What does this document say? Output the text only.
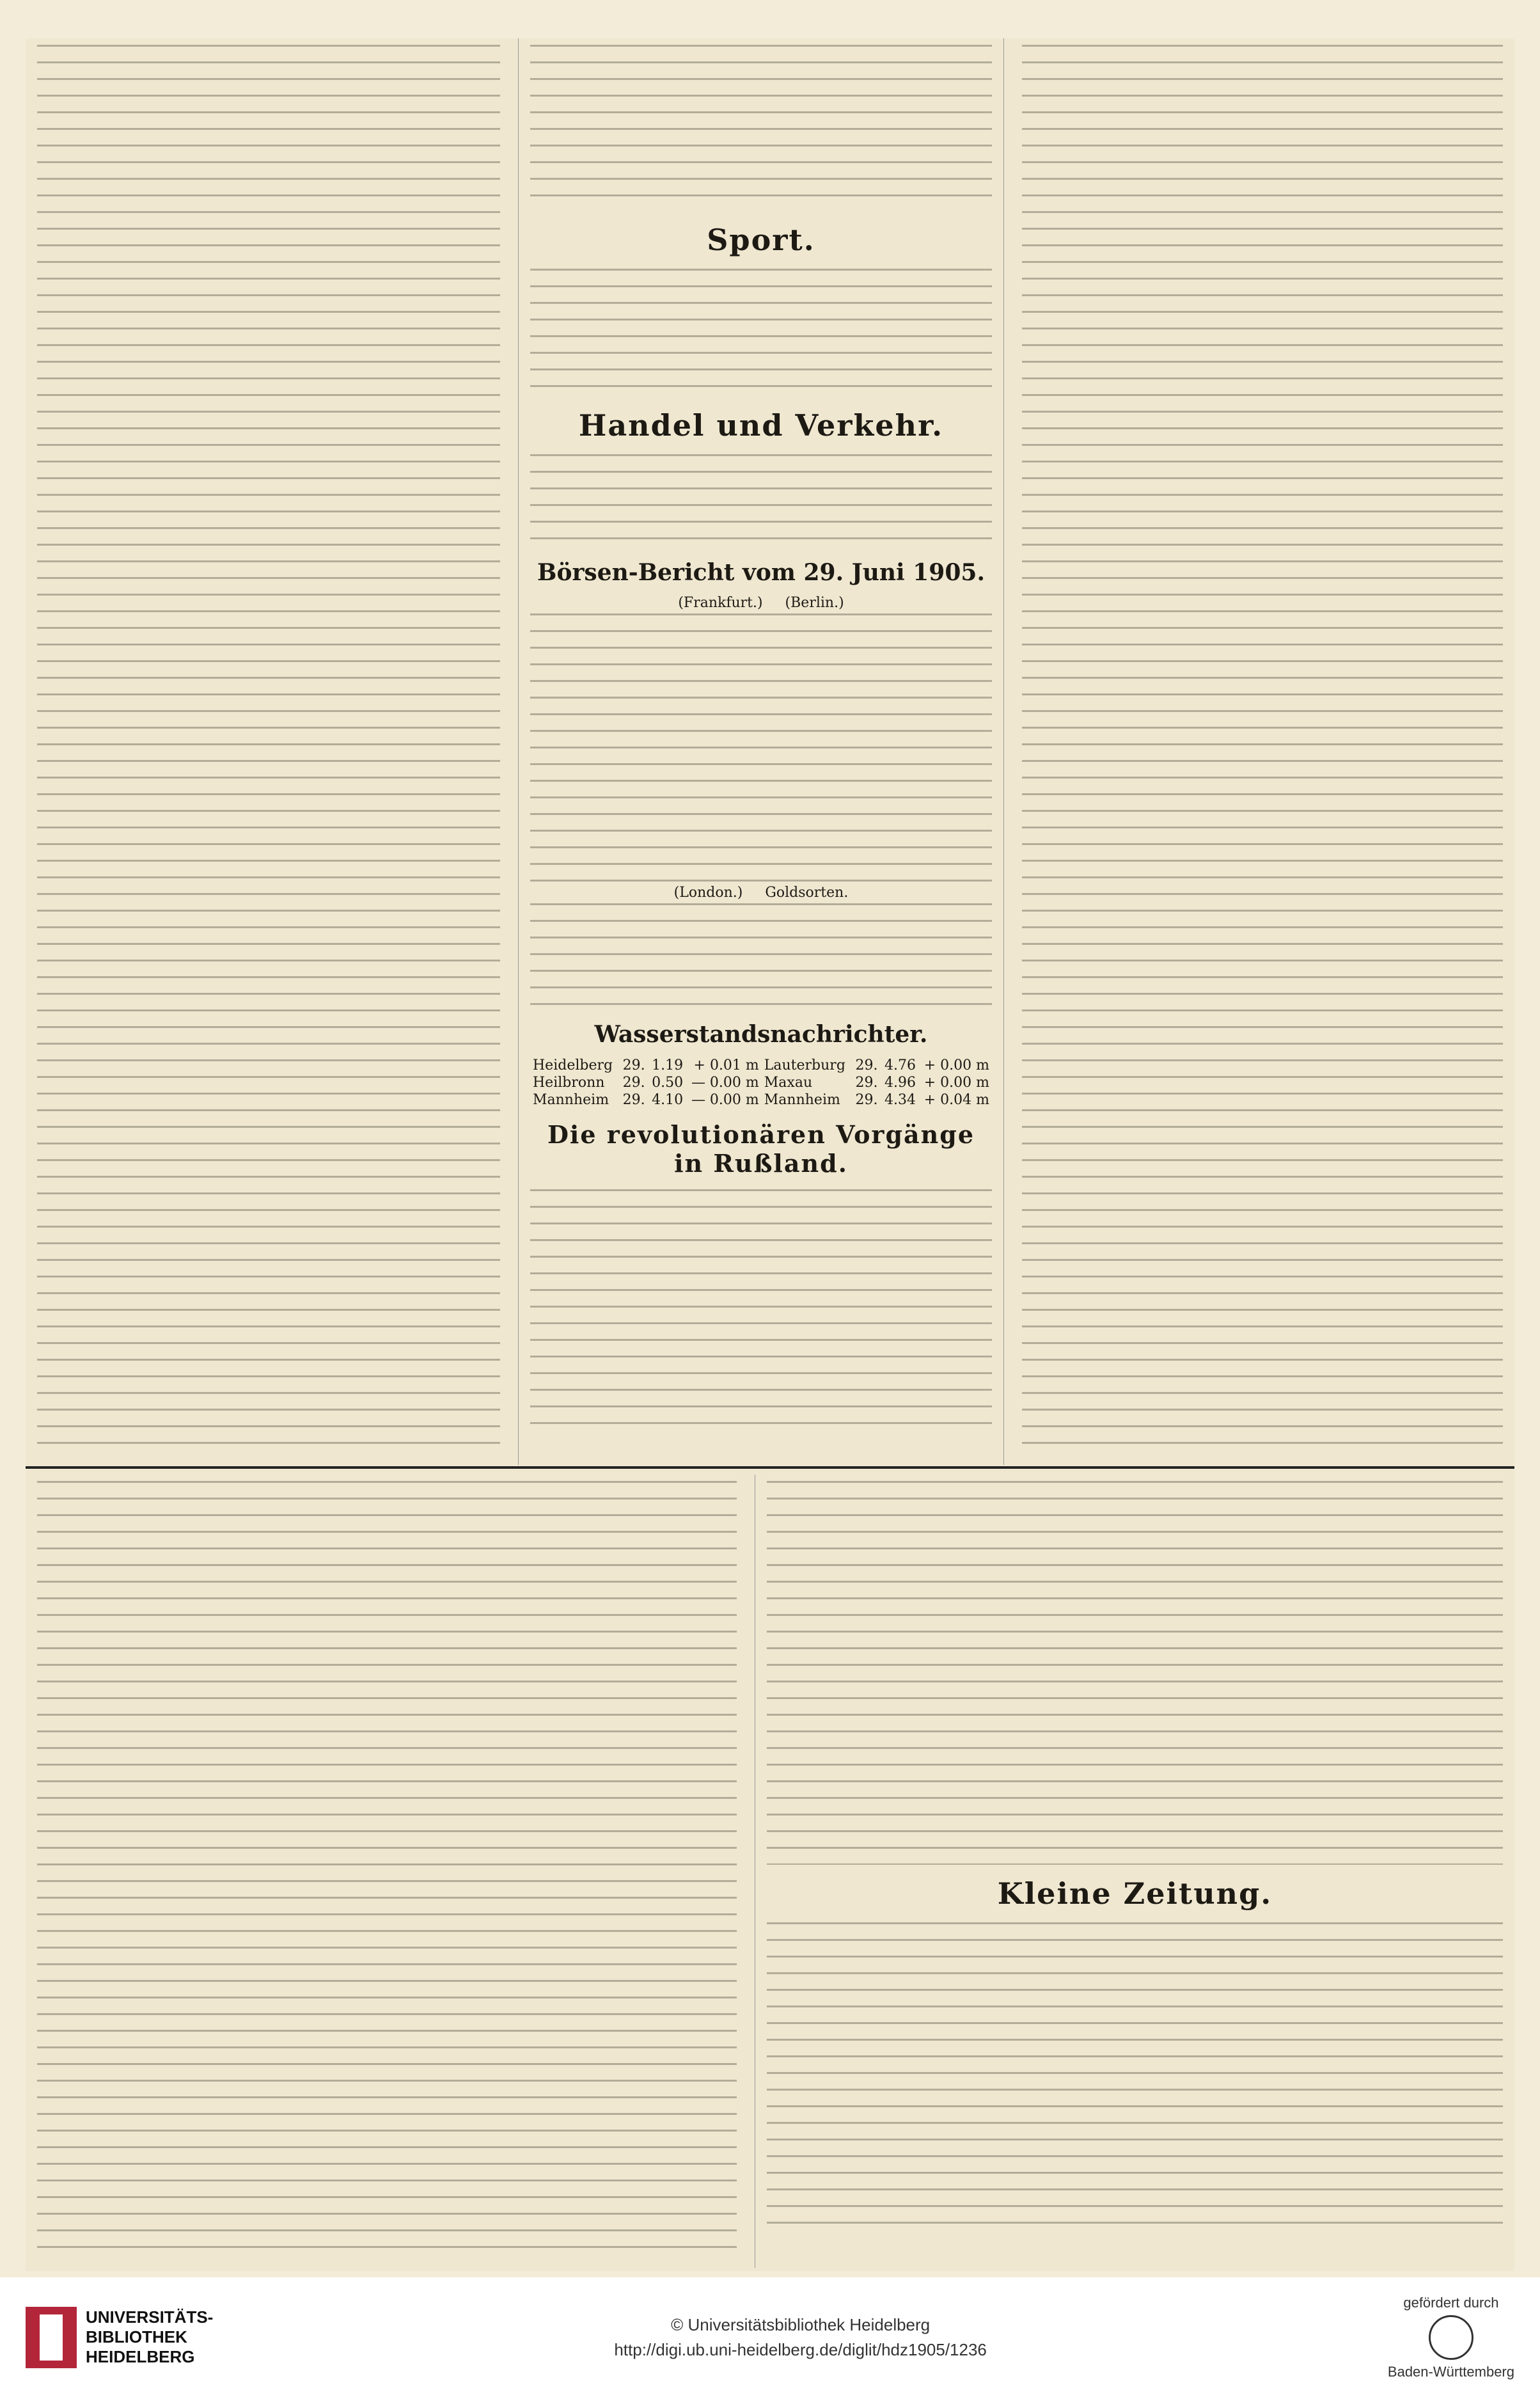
Sport.
Handel und Verkehr.
Börsen-Bericht vom 29. Juni 1905.
(Frankfurt.) (Berlin.)
(London.) Goldsorten.
Wasserstandsnachrichter.
Heidelberg	29.	1.19	+ 0.01 m	Lauterburg	29.	4.76	+ 0.00 m
Heilbronn	29.	0.50	— 0.00 m	Maxau	29.	4.96	+ 0.00 m
Mannheim	29.	4.10	— 0.00 m	Mannheim	29.	4.34	+ 0.04 m
Die revolutionären Vorgänge in Rußland.
Kleine Zeitung.
UNIVERSITÄTS-
BIBLIOTHEK
HEIDELBERG
© Universitätsbibliothek Heidelberg
http://digi.ub.uni-heidelberg.de/diglit/hdz1905/1236
gefördert durch
Baden-Württemberg
